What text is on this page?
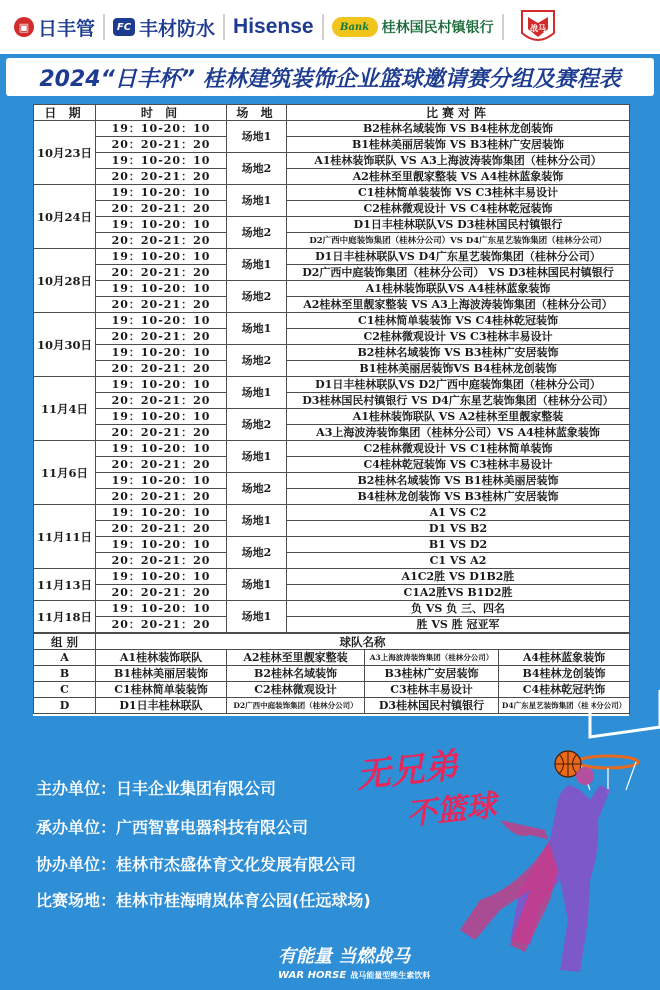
▣ 日丰管	FC 丰材防水 Hisense	Bank 桂林国民村镇银行	战马
2024“日丰杯” 桂林建筑装饰企业篮球邀请赛分组及赛程表
日 期	时 间	场 地	比赛对阵
10月23日	19：10-20：10	场地1	B2桂林名域装饰 VS B4桂林龙创装饰
	20：20-21：20		B1桂林美丽居装饰 VS B3桂林广安居装饰
	19：10-20：10	场地2	A1桂林装饰联队 VS A3上海波涛装饰集团（桂林分公司）
	20：20-21：20		A2桂林至里靓家整装 VS A4桂林蓝象装饰
10月24日	19：10-20：10	场地1	C1桂林简单装装饰 VS C3桂林丰易设计
	20：20-21：20		C2桂林微观设计 VS C4桂林乾冠装饰
	19：10-20：10	场地2	D1日丰桂林联队VS D3桂林国民村镇银行
	20：20-21：20		D2广西中庭装饰集团（桂林分公司）VS D4广东星艺装饰集团（桂林分公司）
10月28日	19：10-20：10	场地1	D1日丰桂林联队VS D4广东星艺装饰集团（桂林分公司）
	20：20-21：20		D2广西中庭装饰集团（桂林分公司） VS D3桂林国民村镇银行
	19：10-20：10	场地2	A1桂林装饰联队VS A4桂林蓝象装饰
	20：20-21：20		A2桂林至里靓家整装 VS A3上海波涛装饰集团（桂林分公司）
10月30日	19：10-20：10	场地1	C1桂林简单装装饰 VS C4桂林乾冠装饰
	20：20-21：20		C2桂林微观设计 VS C3桂林丰易设计
	19：10-20：10	场地2	B2桂林名域装饰 VS B3桂林广安居装饰
	20：20-21：20		B1桂林美丽居装饰VS B4桂林龙创装饰
11月4日	19：10-20：10	场地1	D1日丰桂林联队VS D2广西中庭装饰集团（桂林分公司）
	20：20-21：20		D3桂林国民村镇银行 VS D4广东星艺装饰集团（桂林分公司）
	19：10-20：10	场地2	A1桂林装饰联队 VS A2桂林至里靓家整装
	20：20-21：20		A3上海波涛装饰集团（桂林分公司）VS A4桂林蓝象装饰
11月6日	19：10-20：10	场地1	C2桂林微观设计 VS C1桂林简单装饰
	20：20-21：20		C4桂林乾冠装饰 VS C3桂林丰易设计
	19：10-20：10	场地2	B2桂林名域装饰 VS B1桂林美丽居装饰
	20：20-21：20		B4桂林龙创装饰 VS B3桂林广安居装饰
11月11日	19：10-20：10	场地1	A1 VS C2
	20：20-21：20		D1 VS B2
	19：10-20：10	场地2	B1 VS D2
	20：20-21：20		C1 VS A2
11月13日	19：10-20：10	场地1	A1C2胜 VS D1B2胜
	20：20-21：20		C1A2胜VS B1D2胜
11月18日	19：10-20：10	场地1	负 VS 负 三、四名
	20：20-21：20		胜 VS 胜 冠亚军
组 别	球队名称			
A	A1桂林装饰联队	A2桂林至里靓家整装	A3上海波涛装饰集团（桂林分公司）	A4桂林蓝象装饰
B	B1桂林美丽居装饰	B2桂林名域装饰	B3桂林广安居装饰	B4桂林龙创装饰
C	C1桂林简单装装饰	C2桂林微观设计	C3桂林丰易设计	C4桂林乾冠装饰
D	D1日丰桂林联队	D2广西中庭装饰集团（桂林分公司）	D3桂林国民村镇银行	D4广东星艺装饰集团（桂林分公司）
主办单位：日丰企业集团有限公司
承办单位：广西智喜电器科技有限公司
协办单位：桂林市杰盛体育文化发展有限公司
比赛场地：桂林市桂海晴岚体育公园(任远球场)
无兄弟
不篮球
有能量 当燃战马
WAR HORSE 战马能量型维生素饮料
